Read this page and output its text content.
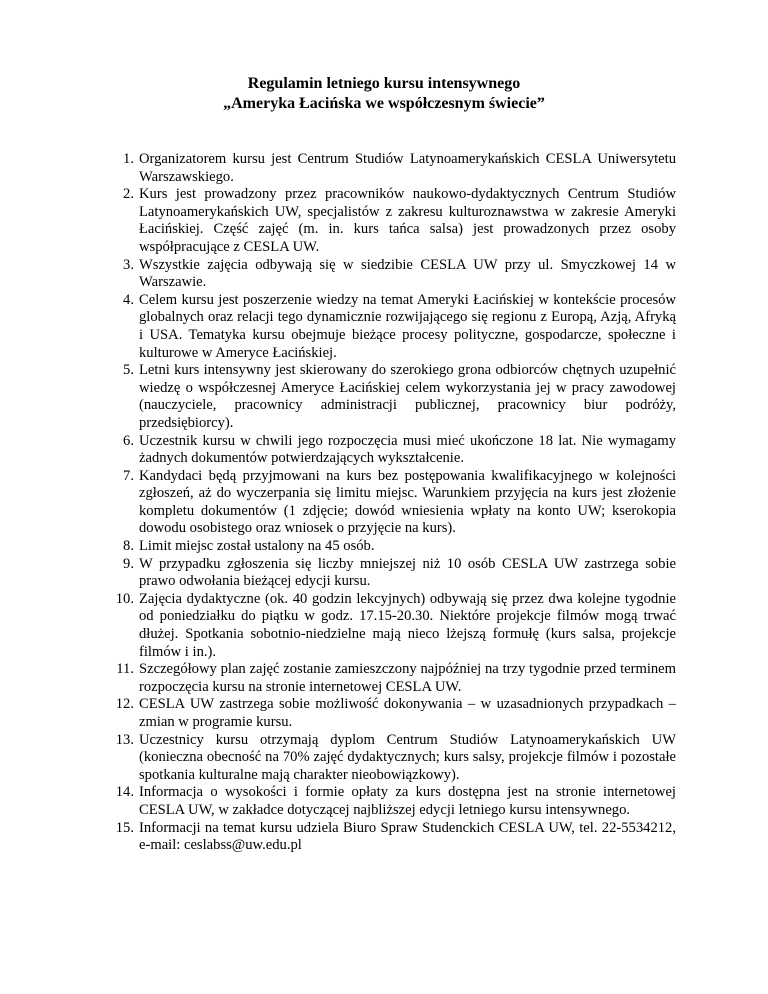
Regulamin letniego kursu intensywnego
„Ameryka Łacińska we współczesnym świecie”
1. Organizatorem kursu jest Centrum Studiów Latynoamerykańskich CESLA Uniwersytetu Warszawskiego.
2. Kurs jest prowadzony przez pracowników naukowo-dydaktycznych Centrum Studiów Latynoamerykańskich UW, specjalistów z zakresu kulturoznawstwa w zakresie Ameryki Łacińskiej. Część zajęć (m. in. kurs tańca salsa) jest prowadzonych przez osoby współpracujące z CESLA UW.
3. Wszystkie zajęcia odbywają się w siedzibie CESLA UW przy ul. Smyczkowej 14 w Warszawie.
4. Celem kursu jest poszerzenie wiedzy na temat Ameryki Łacińskiej w kontekście procesów globalnych oraz relacji tego dynamicznie rozwijającego się regionu z Europą, Azją, Afryką i USA. Tematyka kursu obejmuje bieżące procesy polityczne, gospodarcze, społeczne i kulturowe w Ameryce Łacińskiej.
5. Letni kurs intensywny jest skierowany do szerokiego grona odbiorców chętnych uzupełnić wiedzę o współczesnej Ameryce Łacińskiej celem wykorzystania jej w pracy zawodowej (nauczyciele, pracownicy administracji publicznej, pracownicy biur podróży, przedsiębiorcy).
6. Uczestnik kursu w chwili jego rozpoczęcia musi mieć ukończone 18 lat. Nie wymagamy żadnych dokumentów potwierdzających wykształcenie.
7. Kandydaci będą przyjmowani na kurs bez postępowania kwalifikacyjnego w kolejności zgłoszeń, aż do wyczerpania się limitu miejsc. Warunkiem przyjęcia na kurs jest złożenie kompletu dokumentów (1 zdjęcie; dowód wniesienia wpłaty na konto UW; kserokopia dowodu osobistego oraz wniosek o przyjęcie na kurs).
8. Limit miejsc został ustalony na 45 osób.
9. W przypadku zgłoszenia się liczby mniejszej niż 10 osób CESLA UW zastrzega sobie prawo odwołania bieżącej edycji kursu.
10. Zajęcia dydaktyczne (ok. 40 godzin lekcyjnych) odbywają się przez dwa kolejne tygodnie od poniedziałku do piątku w godz. 17.15-20.30. Niektóre projekcje filmów mogą trwać dłużej. Spotkania sobotnio-niedzielne mają nieco lżejszą formułę (kurs salsa, projekcje filmów i in.).
11. Szczegółowy plan zajęć zostanie zamieszczony najpóźniej na trzy tygodnie przed terminem rozpoczęcia kursu na stronie internetowej CESLA UW.
12. CESLA UW zastrzega sobie możliwość dokonywania – w uzasadnionych przypadkach – zmian w programie kursu.
13. Uczestnicy kursu otrzymają dyplom Centrum Studiów Latynoamerykańskich UW (konieczna obecność na 70% zajęć dydaktycznych; kurs salsy, projekcje filmów i pozostałe spotkania kulturalne mają charakter nieobowiązkowy).
14. Informacja o wysokości i formie opłaty za kurs dostępna jest na stronie internetowej CESLA UW, w zakładce dotyczącej najbliższej edycji letniego kursu intensywnego.
15. Informacji na temat kursu udziela Biuro Spraw Studenckich CESLA UW, tel. 22-5534212, e-mail: ceslabss@uw.edu.pl
